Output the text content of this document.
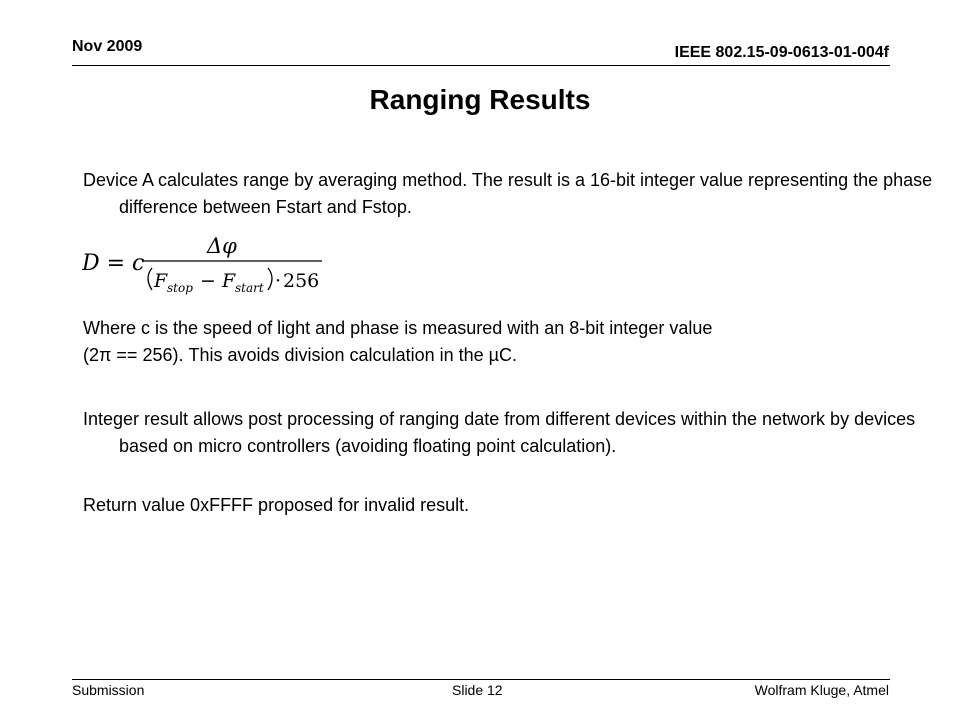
Nov 2009	IEEE 802.15-09-0613-01-004f
Ranging Results
Device A calculates range by averaging method. The result is a 16-bit integer value representing the phase difference between Fstart and Fstop.
D = c
Δφ
F stop − F start · 256
Where c is the speed of light and phase is measured with an 8-bit integer value
(2π == 256). This avoids division calculation in the µC.
Integer result allows post processing of ranging date from different devices within the network by devices based on micro controllers (avoiding floating point calculation).
Return value 0xFFFF proposed for invalid result.
Submission	Slide 12	Wolfram Kluge, Atmel
